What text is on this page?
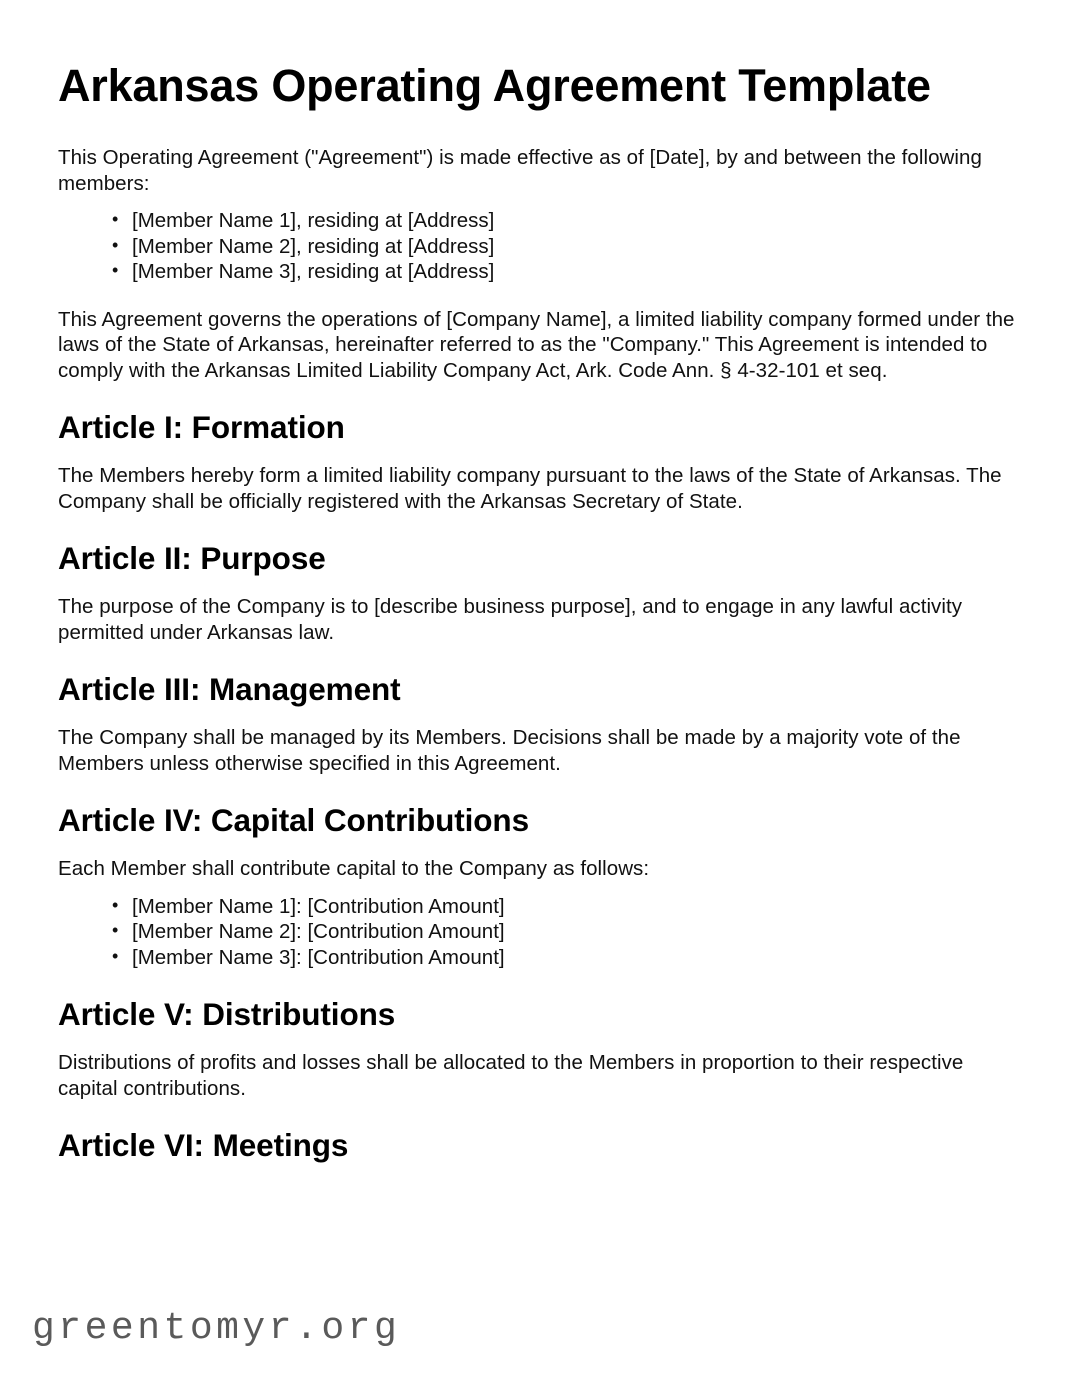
Arkansas Operating Agreement Template

This Operating Agreement ("Agreement") is made effective as of [Date], by and between the following members:

• [Member Name 1], residing at [Address]
• [Member Name 2], residing at [Address]
• [Member Name 3], residing at [Address]

This Agreement governs the operations of [Company Name], a limited liability company formed under the laws of the State of Arkansas, hereinafter referred to as the "Company." This Agreement is intended to comply with the Arkansas Limited Liability Company Act, Ark. Code Ann. § 4-32-101 et seq.

Article I: Formation

The Members hereby form a limited liability company pursuant to the laws of the State of Arkansas. The Company shall be officially registered with the Arkansas Secretary of State.

Article II: Purpose

The purpose of the Company is to [describe business purpose], and to engage in any lawful activity permitted under Arkansas law.

Article III: Management

The Company shall be managed by its Members. Decisions shall be made by a majority vote of the Members unless otherwise specified in this Agreement.

Article IV: Capital Contributions

Each Member shall contribute capital to the Company as follows:

• [Member Name 1]: [Contribution Amount]
• [Member Name 2]: [Contribution Amount]
• [Member Name 3]: [Contribution Amount]
Article V: Distributions

Distributions of profits and losses shall be allocated to the Members in proportion to their respective capital contributions.

Article VI: Meetings
greentomyr.org
